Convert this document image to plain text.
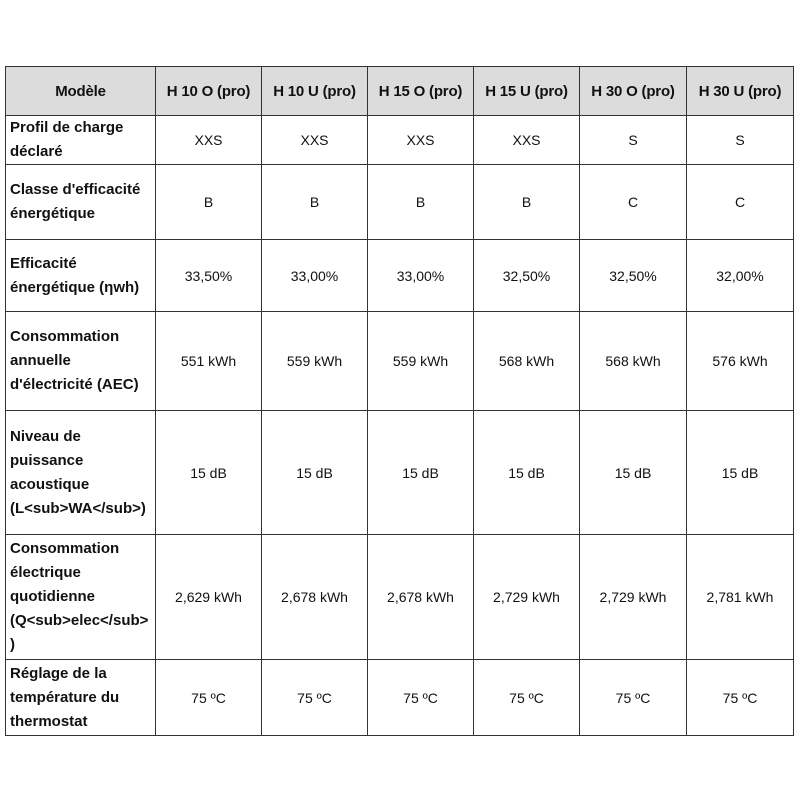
Modèle	H 10 O (pro)	H 10 U (pro)	H 15 O (pro)	H 15 U (pro)	H 30 O (pro)	H 30 U (pro)
Profil de charge déclaré	XXS	XXS	XXS	XXS	S	S
Classe d'efficacité énergétique	B	B	B	B	C	C
Efficacité énergétique (ηwh)	33,50%	33,00%	33,00%	32,50%	32,50%	32,00%
Consommation annuelle d'électricité (AEC)	551 kWh	559 kWh	559 kWh	568 kWh	568 kWh	576 kWh
Niveau de puissance acoustique (L<sub>WA</sub>)	15 dB	15 dB	15 dB	15 dB	15 dB	15 dB
Consommation électrique quotidienne (Q<sub>elec</sub>)	2,629 kWh	2,678 kWh	2,678 kWh	2,729 kWh	2,729 kWh	2,781 kWh
Réglage de la température du thermostat	75 ºC	75 ºC	75 ºC	75 ºC	75 ºC	75 ºC
